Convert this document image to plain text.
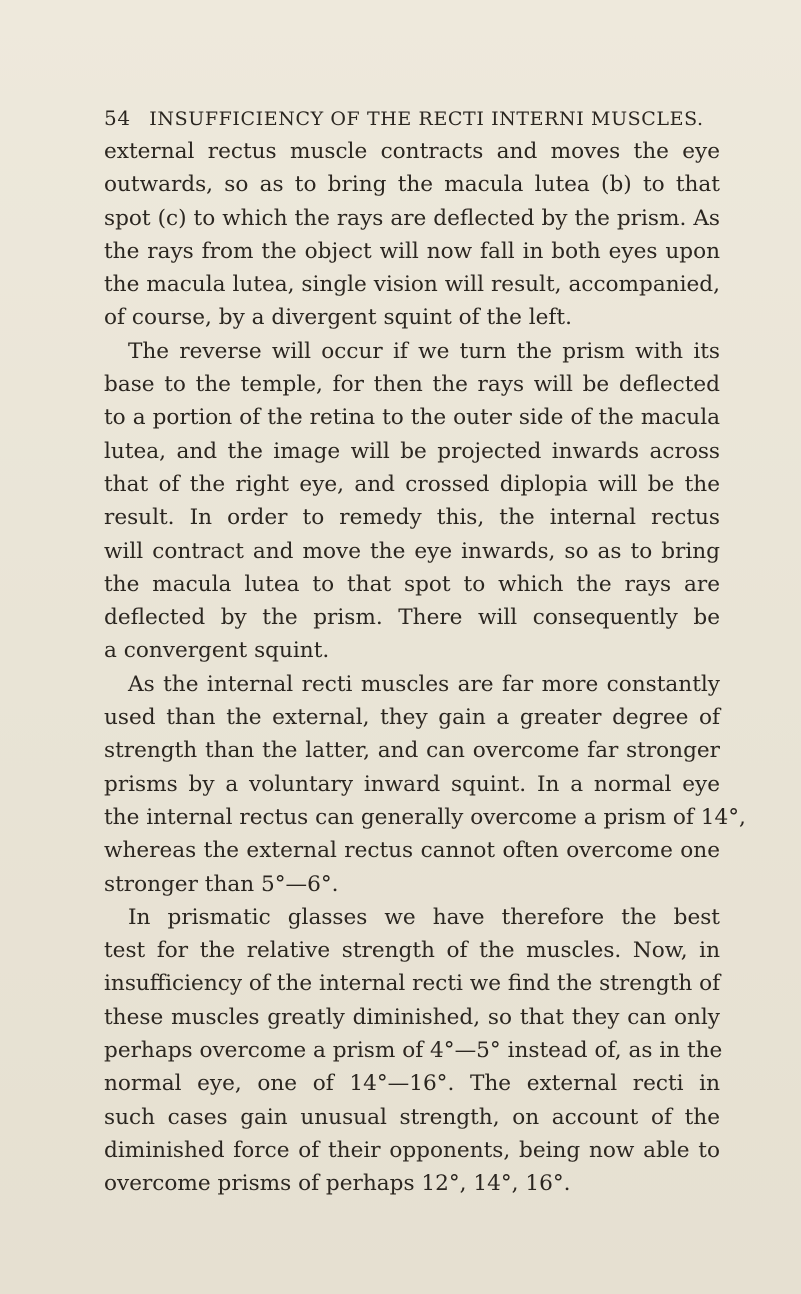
54 INSUFFICIENCY OF THE RECTI INTERNI MUSCLES.
external rectus muscle contracts and moves the eye
outwards, so as to bring the macula lutea (b) to that
spot (c) to which the rays are deflected by the prism. As
the rays from the object will now fall in both eyes upon
the macula lutea, single vision will result, accompanied,
of course, by a divergent squint of the left.
The reverse will occur if we turn the prism with its
base to the temple, for then the rays will be deflected
to a portion of the retina to the outer side of the macula
lutea, and the image will be projected inwards across
that of the right eye, and crossed diplopia will be the
result. In order to remedy this, the internal rectus
will contract and move the eye inwards, so as to bring
the macula lutea to that spot to which the rays are
deflected by the prism. There will consequently be
a convergent squint.
As the internal recti muscles are far more constantly
used than the external, they gain a greater degree of
strength than the latter, and can overcome far stronger
prisms by a voluntary inward squint. In a normal eye
the internal rectus can generally overcome a prism of 14°,
whereas the external rectus cannot often overcome one
stronger than 5°—6°.
In prismatic glasses we have therefore the best
test for the relative strength of the muscles. Now, in
insufficiency of the internal recti we find the strength of
these muscles greatly diminished, so that they can only
perhaps overcome a prism of 4°—5° instead of, as in the
normal eye, one of 14°—16°. The external recti in
such cases gain unusual strength, on account of the
diminished force of their opponents, being now able to
overcome prisms of perhaps 12°, 14°, 16°.
